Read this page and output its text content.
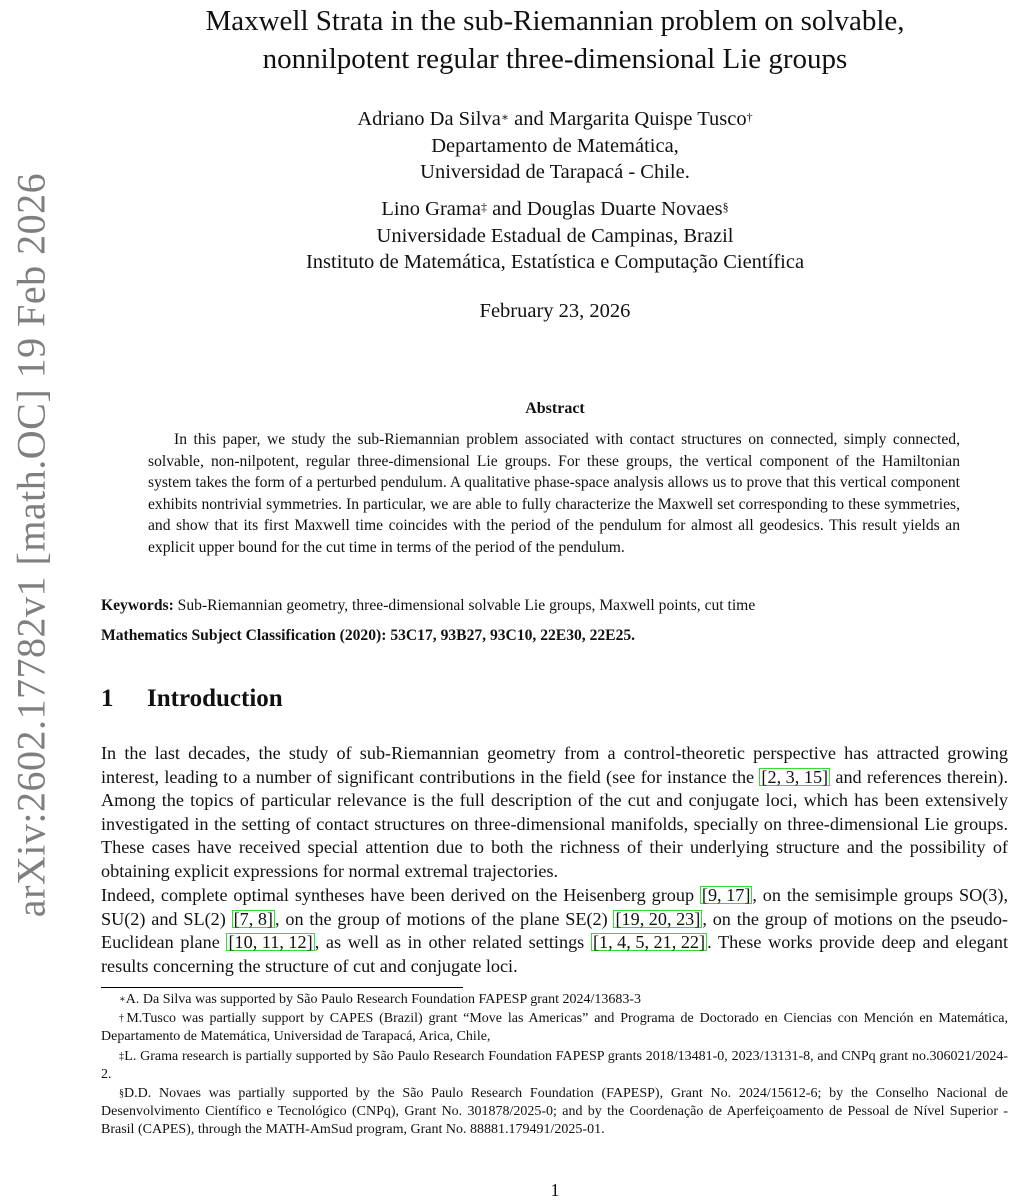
arXiv:2602.17782v1 [math.OC] 19 Feb 2026
Maxwell Strata in the sub-Riemannian problem on solvable,
nonnilpotent regular three-dimensional Lie groups
Adriano Da Silva∗ and Margarita Quispe Tusco†
Departamento de Matemática,
Universidad de Tarapacá - Chile.
Lino Grama‡ and Douglas Duarte Novaes§
Universidade Estadual de Campinas, Brazil
Instituto de Matemática, Estatística e Computação Científica
February 23, 2026
Abstract

In this paper, we study the sub-Riemannian problem associated with contact structures on connected, simply connected, solvable, non-nilpotent, regular three-dimensional Lie groups. For these groups, the vertical component of the Hamiltonian system takes the form of a perturbed pendulum. A qualitative phase-space analysis allows us to prove that this vertical component exhibits nontrivial symmetries. In particular, we are able to fully characterize the Maxwell set corresponding to these symmetries, and show that its first Maxwell time coincides with the period of the pendulum for almost all geodesics. This result yields an explicit upper bound for the cut time in terms of the period of the pendulum.

Keywords: Sub-Riemannian geometry, three-dimensional solvable Lie groups, Maxwell points, cut time

Mathematics Subject Classification (2020): 53C17, 93B27, 93C10, 22E30, 22E25.

1 Introduction

In the last decades, the study of sub-Riemannian geometry from a control-theoretic perspective has attracted growing interest, leading to a number of significant contributions in the field (see for instance the [2, 3, 15] and references therein). Among the topics of particular relevance is the full description of the cut and conjugate loci, which has been extensively investigated in the setting of contact structures on three-dimensional manifolds, specially on three-dimensional Lie groups. These cases have received special attention due to both the richness of their underlying structure and the possibility of obtaining explicit expressions for normal extremal trajectories.

Indeed, complete optimal syntheses have been derived on the Heisenberg group [9, 17] , on the semisimple groups SO(3), SU(2) and SL(2) [7, 8] , on the group of motions of the plane SE(2) [19, 20, 23] , on the group of motions on the pseudo-Euclidean plane [10, 11, 12] , as well as in other related settings [1, 4, 5, 21, 22] . These works provide deep and elegant results concerning the structure of cut and conjugate loci.

∗A. Da Silva was supported by São Paulo Research Foundation FAPESP grant 2024/13683-3

†M.Tusco was partially support by CAPES (Brazil) grant “Move las Americas” and Programa de Doctorado en Ciencias con Mención en Matemática, Departamento de Matemática, Universidad de Tarapacá, Arica, Chile,

‡L. Grama research is partially supported by São Paulo Research Foundation FAPESP grants 2018/13481-0, 2023/13131-8, and CNPq grant no.306021/2024-2.

§D.D. Novaes was partially supported by the São Paulo Research Foundation (FAPESP), Grant No. 2024/15612-6; by the Conselho Nacional de Desenvolvimento Científico e Tecnológico (CNPq), Grant No. 301878/2025-0; and by the Coordenação de Aperfeiçoamento de Pessoal de Nível Superior - Brasil (CAPES), through the MATH-AmSud program, Grant No. 88881.179491/2025-01.

1
